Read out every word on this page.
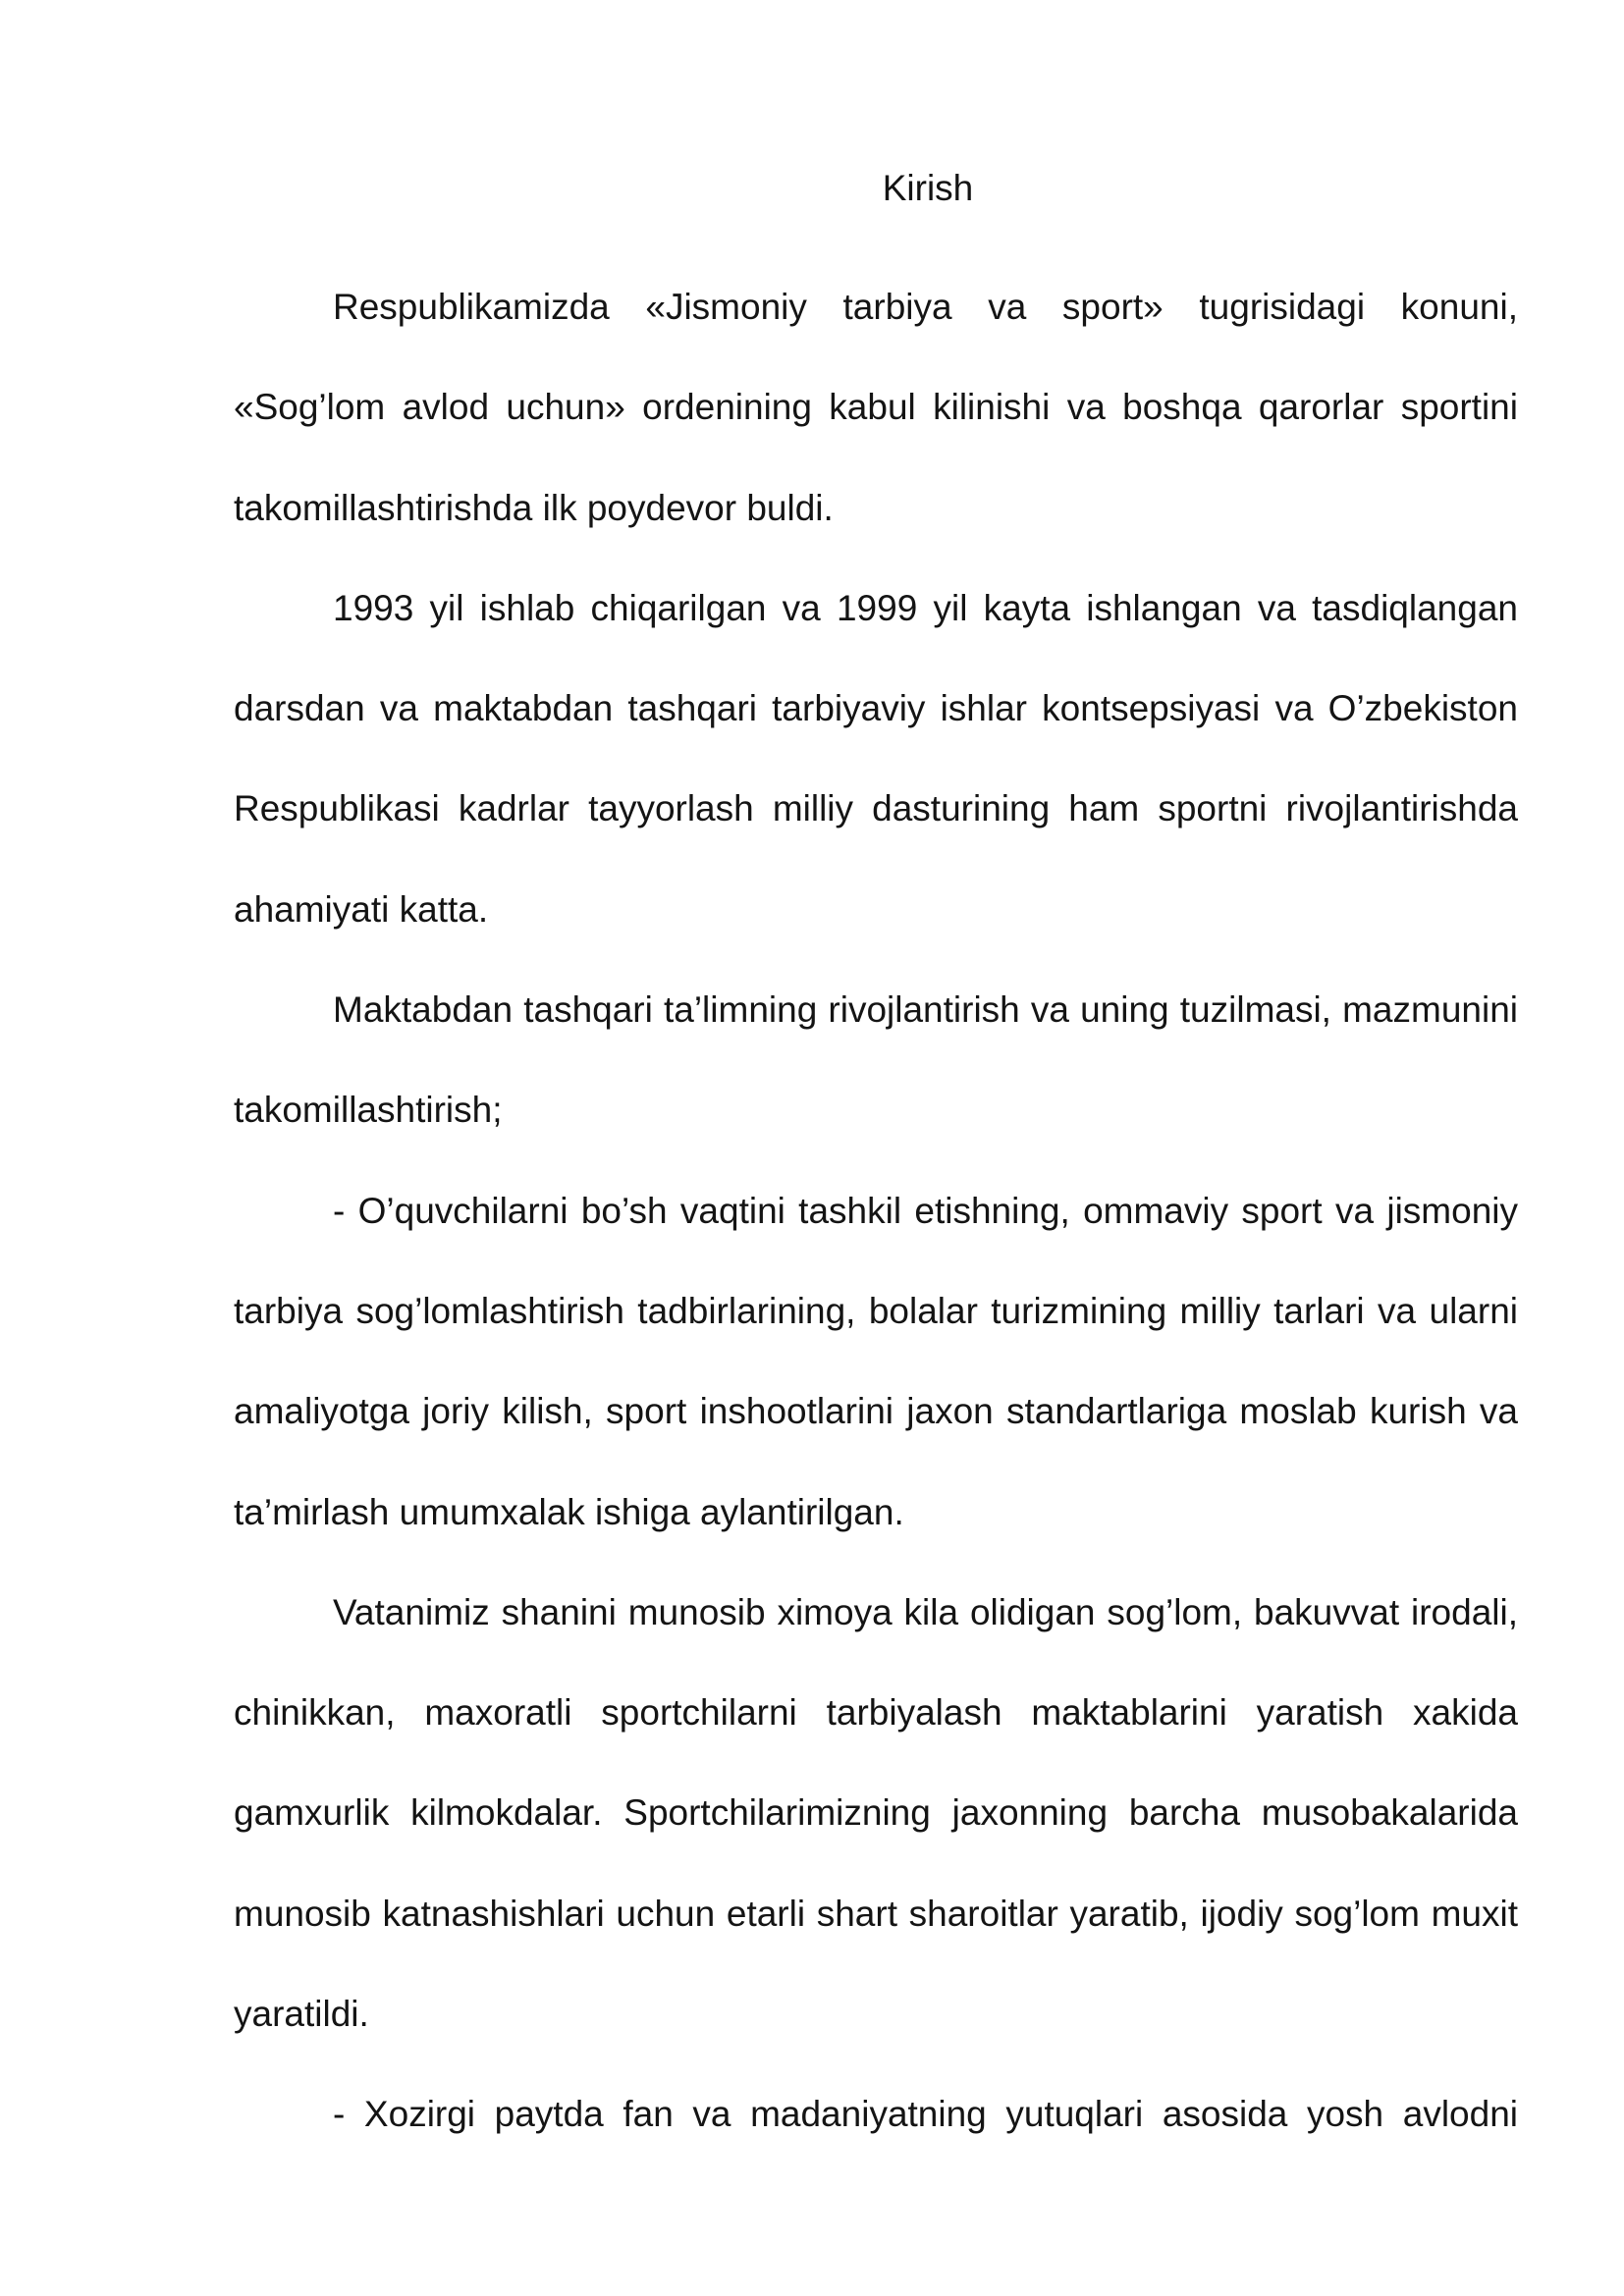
Kirish

Respublikamizda «Jismoniy tarbiya va sport» tugrisidagi konuni, «Sog’lom avlod uchun» ordenining kabul kilinishi va boshqa qarorlar sportini takomillashtirishda ilk poydevor buldi.

1993 yil ishlab chiqarilgan va 1999 yil kayta ishlangan va tasdiqlangan darsdan va maktabdan tashqari tarbiyaviy ishlar kontsepsiyasi va O’zbekiston Respublikasi kadrlar tayyorlash milliy dasturining ham sportni rivojlantirishda ahamiyati katta.

Maktabdan tashqari ta’limning rivojlantirish va uning tuzilmasi, mazmunini takomillashtirish;

- O’quvchilarni bo’sh vaqtini tashkil etishning, ommaviy sport va jismoniy tarbiya sog’lomlashtirish tadbirlarining, bolalar turizmining milliy tarlari va ularni amaliyotga joriy kilish, sport inshootlarini jaxon standartlariga moslab kurish va ta’mirlash umumxalak ishiga aylantirilgan.

Vatanimiz shanini munosib ximoya kila olidigan sog’lom, bakuvvat irodali, chinikkan, maxoratli sportchilarni tarbiyalash maktablarini yaratish xakida gamxurlik kilmokdalar. Sportchilarimizning jaxonning barcha musobakalarida munosib katnashishlari uchun etarli shart sharoitlar yaratib, ijodiy sog’lom muxit yaratildi.

- Xozirgi paytda fan va madaniyatning yutuqlari asosida yosh avlodni
